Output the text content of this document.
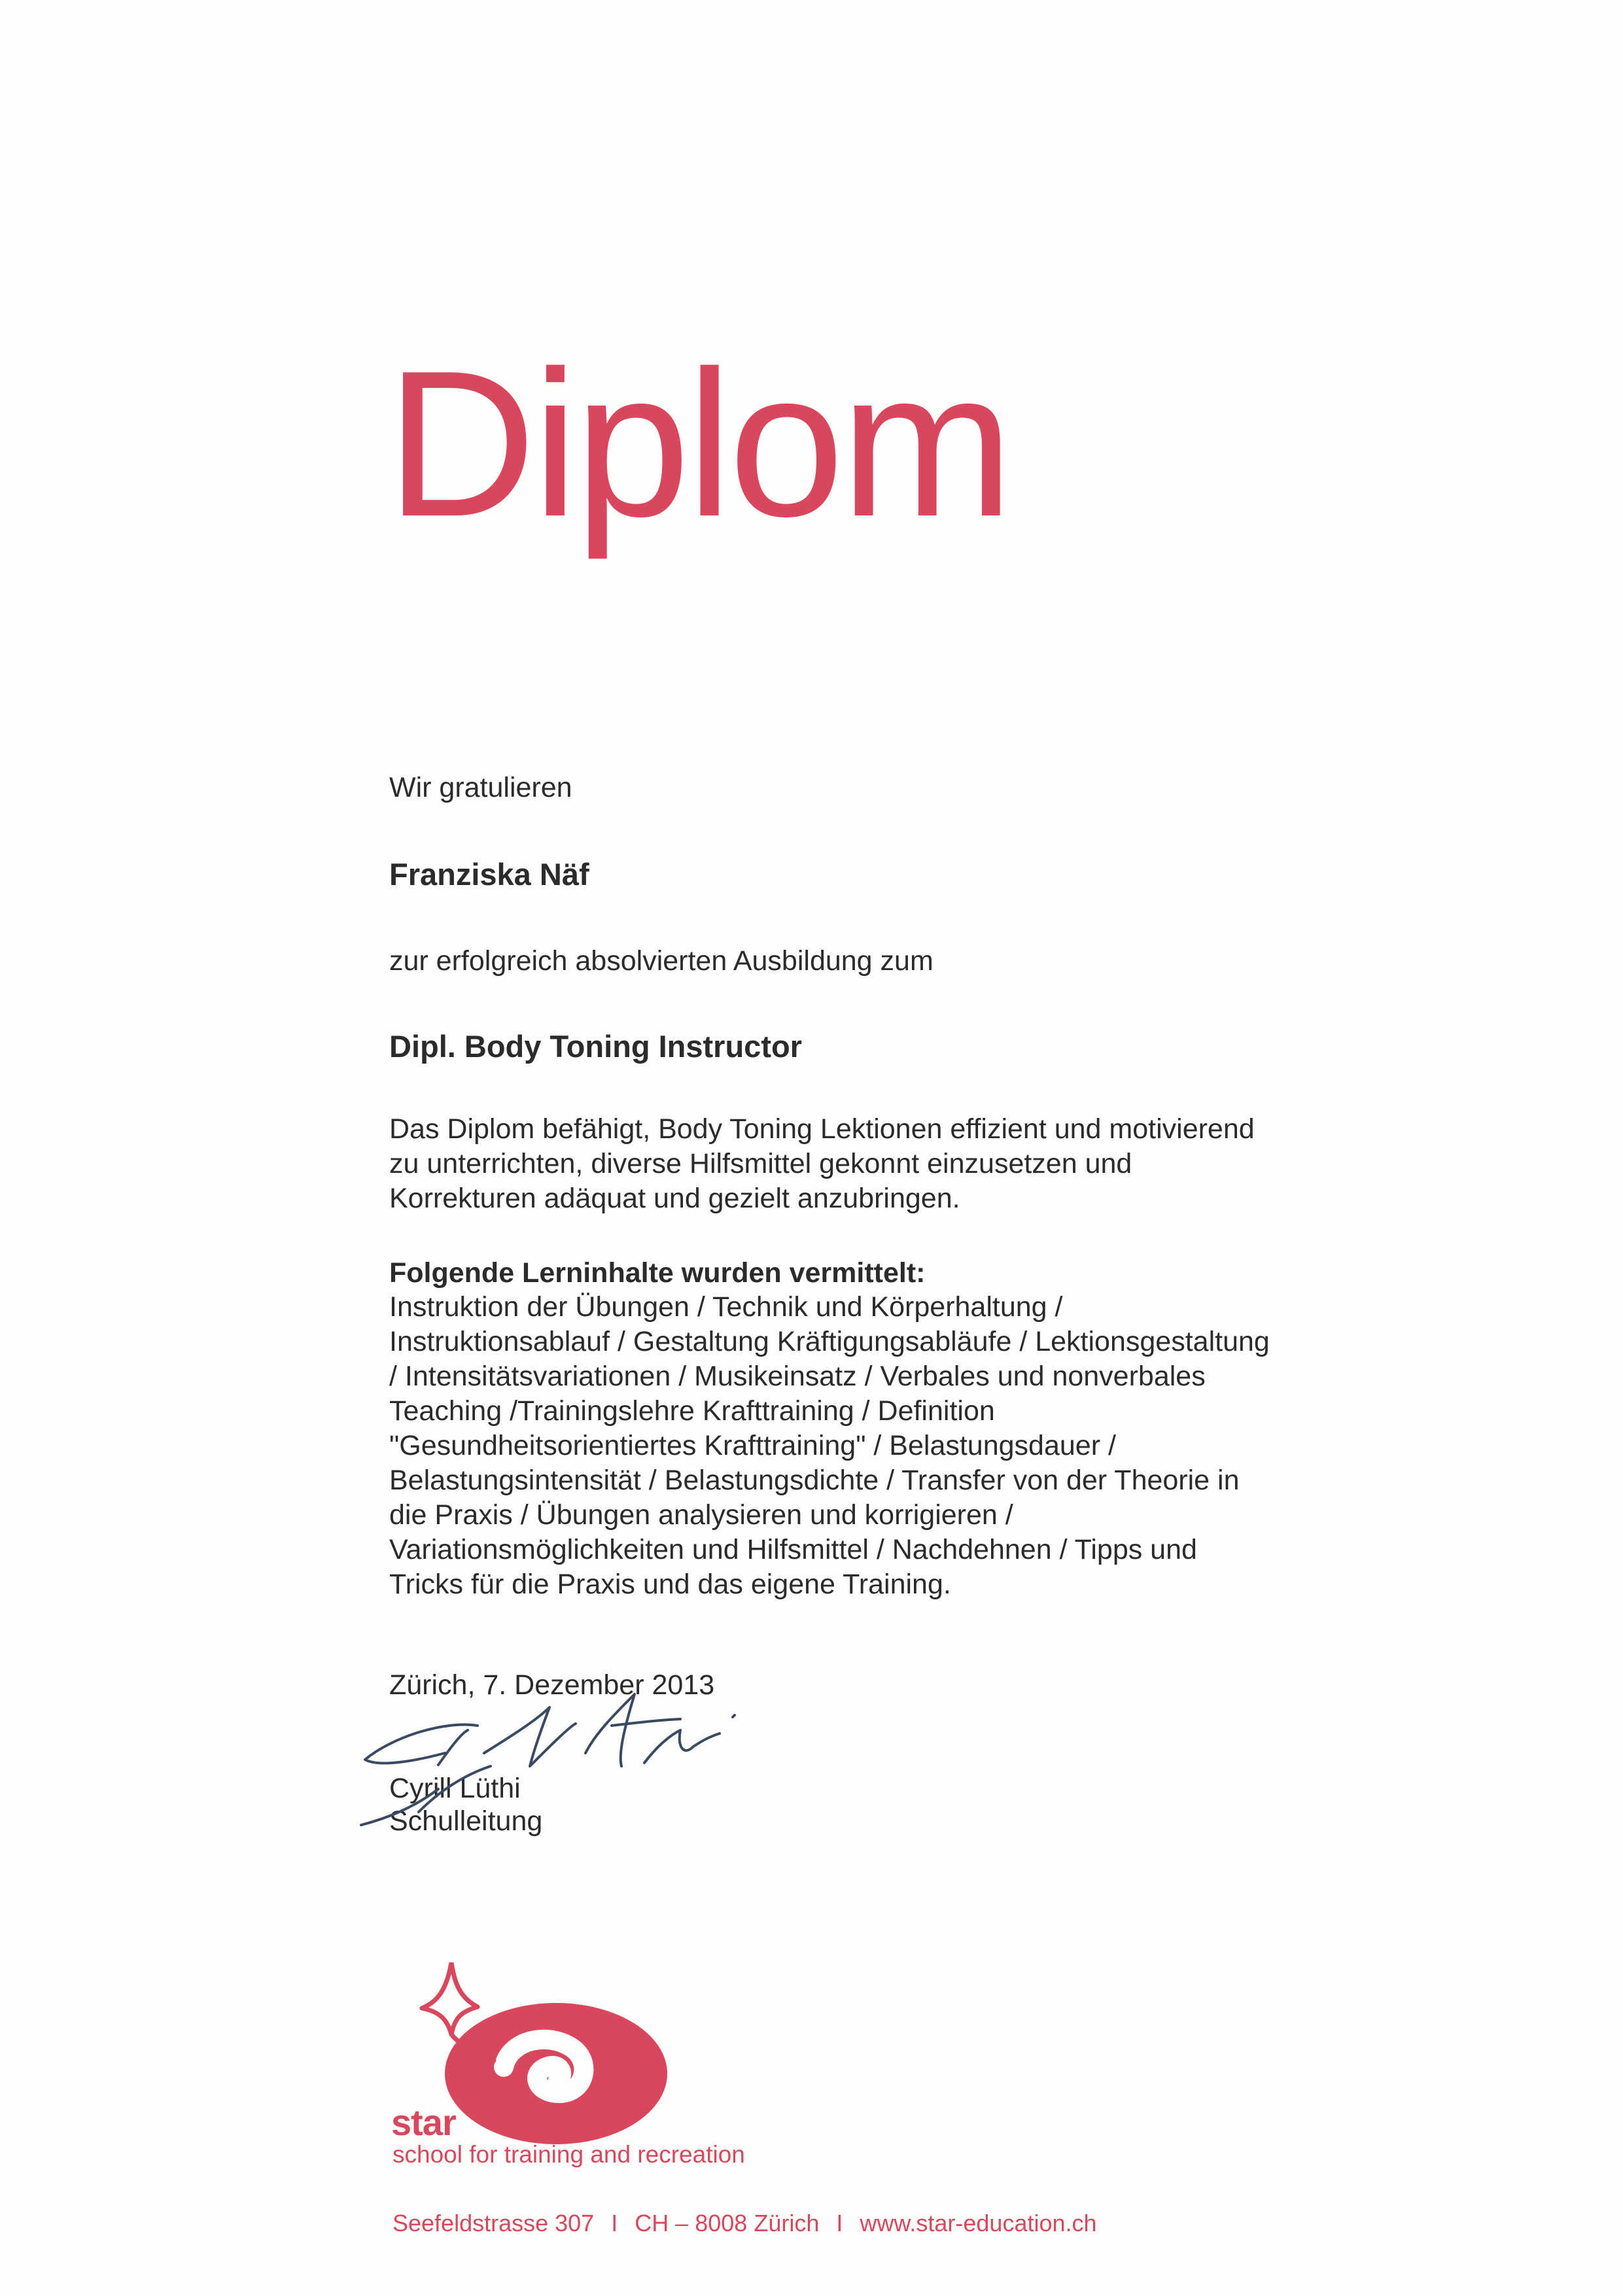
Diplom

Wir gratulieren

Franziska Näf

zur erfolgreich absolvierten Ausbildung zum

Dipl. Body Toning Instructor

Das Diplom befähigt, Body Toning Lektionen effizient und motivierend

zu unterrichten, diverse Hilfsmittel gekonnt einzusetzen und

Korrekturen adäquat und gezielt anzubringen.

Folgende Lerninhalte wurden vermittelt:

Instruktion der Übungen / Technik und Körperhaltung /

Instruktionsablauf / Gestaltung Kräftigungsabläufe / Lektionsgestaltung

/ Intensitätsvariationen / Musikeinsatz / Verbales und nonverbales

Teaching /Trainingslehre Krafttraining / Definition

"Gesundheitsorientiertes Krafttraining" / Belastungsdauer /

Belastungsintensität / Belastungsdichte / Transfer von der Theorie in

die Praxis / Übungen analysieren und korrigieren /

Variationsmöglichkeiten und Hilfsmittel / Nachdehnen / Tipps und

Tricks für die Praxis und das eigene Training.

Zürich, 7. Dezember 2013

Cyrill Lüthi

Schulleitung

star
school for training and recreation
Seefeldstrasse 307 I CH – 8008 Zürich I www.star-education.ch
